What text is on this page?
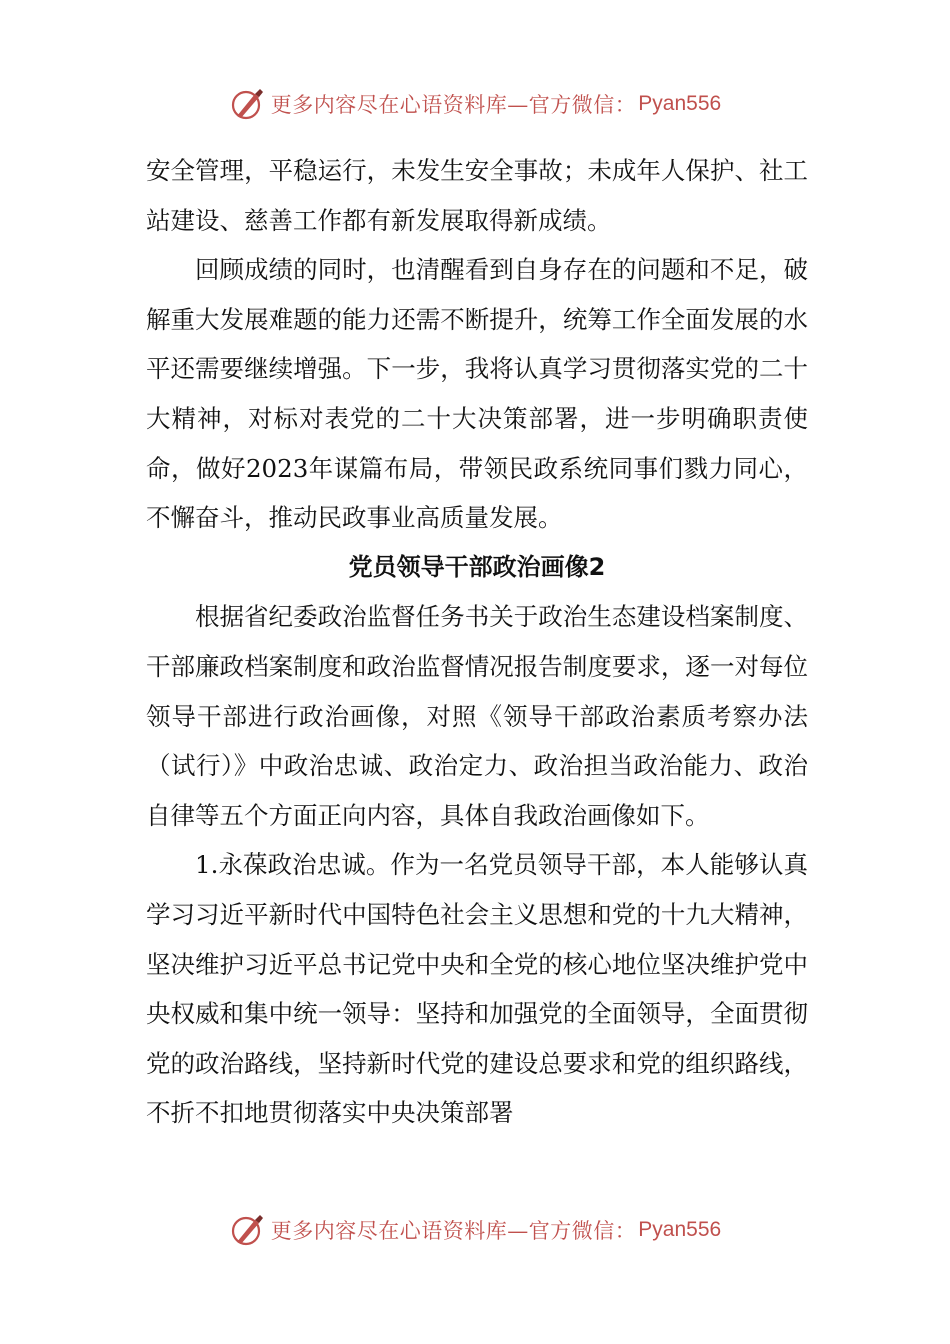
更多内容尽在心语资料库—官方微信： Pyan556

安全管理，平稳运行，未发生安全事故；未成年人保护、社工站建设、慈善工作都有新发展取得新成绩。

回顾成绩的同时，也清醒看到自身存在的问题和不足，破解重大发展难题的能力还需不断提升，统筹工作全面发展的水平还需要继续增强。下一步，我将认真学习贯彻落实党的二十大精神，对标对表党的二十大决策部署，进一步明确职责使命，做好2023年谋篇布局，带领民政系统同事们戮力同心，不懈奋斗，推动民政事业高质量发展。

党员领导干部政治画像2

根据省纪委政治监督任务书关于政治生态建设档案制度、干部廉政档案制度和政治监督情况报告制度要求，逐一对每位领导干部进行政治画像，对照《领导干部政治素质考察办法（试行）》中政治忠诚、政治定力、政治担当政治能力、政治自律等五个方面正向内容，具体自我政治画像如下。

1.永葆政治忠诚。作为一名党员领导干部，本人能够认真学习习近平新时代中国特色社会主义思想和党的十九大精神，坚决维护习近平总书记党中央和全党的核心地位坚决维护党中央权威和集中统一领导：坚持和加强党的全面领导，全面贯彻党的政治路线，坚持新时代党的建设总要求和党的组织路线，不折不扣地贯彻落实中央决策部署

更多内容尽在心语资料库—官方微信： Pyan556
